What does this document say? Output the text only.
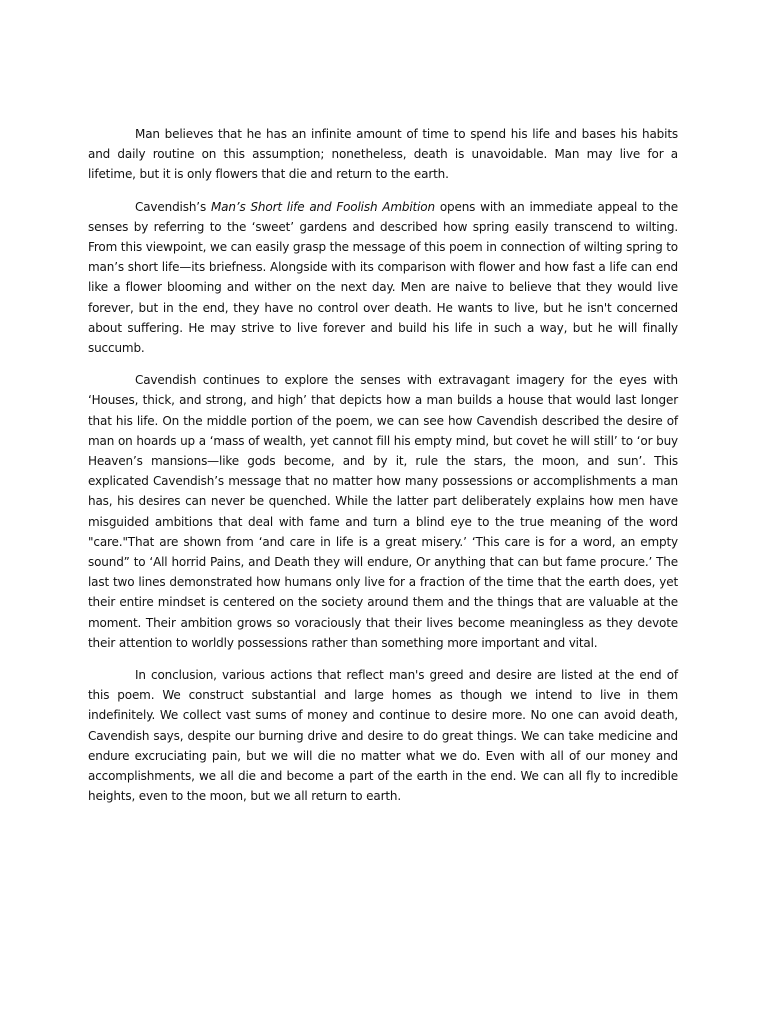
Man believes that he has an infinite amount of time to spend his life and bases his habits and daily routine on this assumption; nonetheless, death is unavoidable. Man may live for a lifetime, but it is only flowers that die and return to the earth.

Cavendish’s Man’s Short life and Foolish Ambition opens with an immediate appeal to the senses by referring to the ‘sweet’ gardens and described how spring easily transcend to wilting. From this viewpoint, we can easily grasp the message of this poem in connection of wilting spring to man’s short life—its briefness. Alongside with its comparison with flower and how fast a life can end like a flower blooming and wither on the next day. Men are naive to believe that they would live forever, but in the end, they have no control over death. He wants to live, but he isn't concerned about suffering. He may strive to live forever and build his life in such a way, but he will finally succumb.

Cavendish continues to explore the senses with extravagant imagery for the eyes with ‘Houses, thick, and strong, and high’ that depicts how a man builds a house that would last longer that his life. On the middle portion of the poem, we can see how Cavendish described the desire of man on hoards up a ‘mass of wealth, yet cannot fill his empty mind, but covet he will still’ to ‘or buy Heaven’s mansions—like gods become, and by it, rule the stars, the moon, and sun’. This explicated Cavendish’s message that no matter how many possessions or accomplishments a man has, his desires can never be quenched. While the latter part deliberately explains how men have misguided ambitions that deal with fame and turn a blind eye to the true meaning of the word "care."That are shown from ‘and care in life is a great misery.’ ‘This care is for a word, an empty sound” to ‘All horrid Pains, and Death they will endure, Or anything that can but fame procure.’ The last two lines demonstrated how humans only live for a fraction of the time that the earth does, yet their entire mindset is centered on the society around them and the things that are valuable at the moment. Their ambition grows so voraciously that their lives become meaningless as they devote their attention to worldly possessions rather than something more important and vital.

In conclusion, various actions that reflect man's greed and desire are listed at the end of this poem. We construct substantial and large homes as though we intend to live in them indefinitely. We collect vast sums of money and continue to desire more. No one can avoid death, Cavendish says, despite our burning drive and desire to do great things. We can take medicine and endure excruciating pain, but we will die no matter what we do. Even with all of our money and accomplishments, we all die and become a part of the earth in the end. We can all fly to incredible heights, even to the moon, but we all return to earth.
